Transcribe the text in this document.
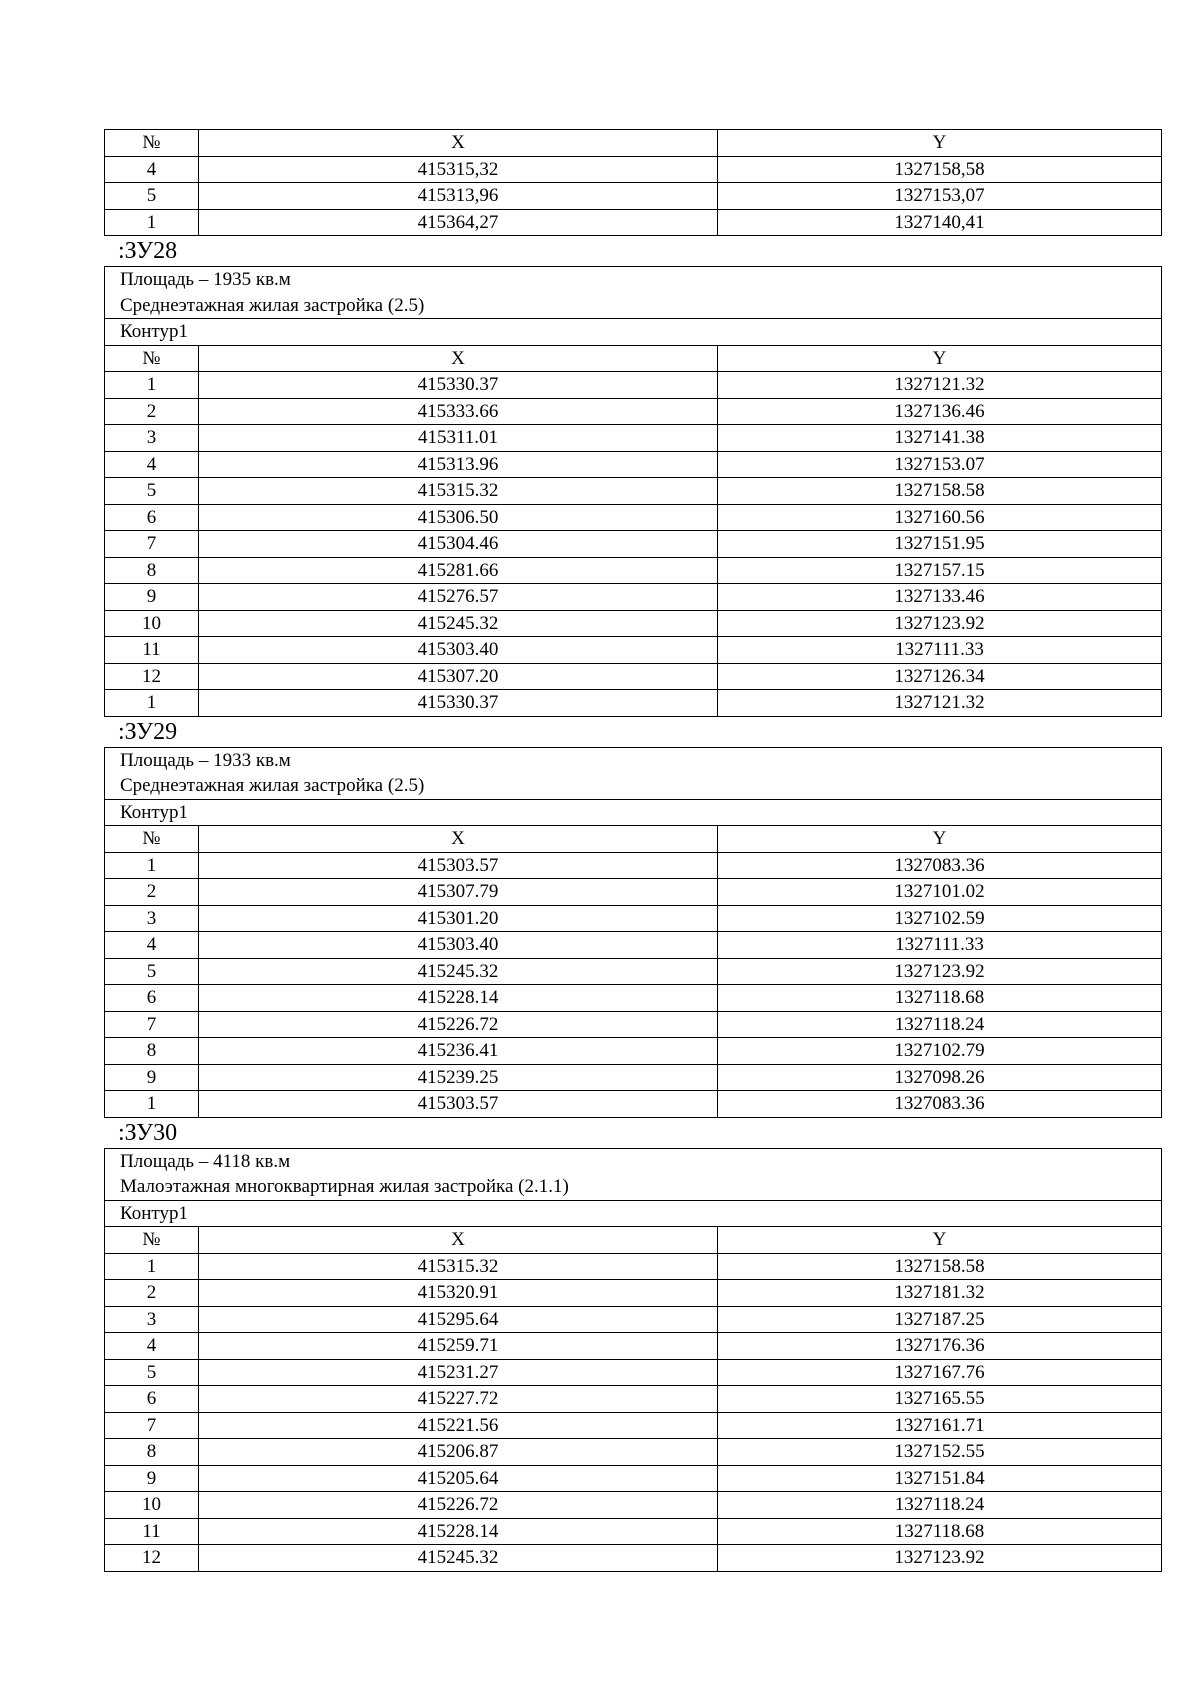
№	X	Y
4	415315,32	1327158,58
5	415313,96	1327153,07
1	415364,27	1327140,41
:ЗУ28
Площадь – 1935 кв.м		
Среднеэтажная жилая застройка (2.5)		
Контур1		
№	X	Y
1	415330.37	1327121.32
2	415333.66	1327136.46
3	415311.01	1327141.38
4	415313.96	1327153.07
5	415315.32	1327158.58
6	415306.50	1327160.56
7	415304.46	1327151.95
8	415281.66	1327157.15
9	415276.57	1327133.46
10	415245.32	1327123.92
11	415303.40	1327111.33
12	415307.20	1327126.34
1	415330.37	1327121.32
:ЗУ29
Площадь – 1933 кв.м		
Среднеэтажная жилая застройка (2.5)		
Контур1		
№	X	Y
1	415303.57	1327083.36
2	415307.79	1327101.02
3	415301.20	1327102.59
4	415303.40	1327111.33
5	415245.32	1327123.92
6	415228.14	1327118.68
7	415226.72	1327118.24
8	415236.41	1327102.79
9	415239.25	1327098.26
1	415303.57	1327083.36
:ЗУ30
Площадь – 4118 кв.м		
Малоэтажная многоквартирная жилая застройка (2.1.1)		
Контур1		
№	X	Y
1	415315.32	1327158.58
2	415320.91	1327181.32
3	415295.64	1327187.25
4	415259.71	1327176.36
5	415231.27	1327167.76
6	415227.72	1327165.55
7	415221.56	1327161.71
8	415206.87	1327152.55
9	415205.64	1327151.84
10	415226.72	1327118.24
11	415228.14	1327118.68
12	415245.32	1327123.92
